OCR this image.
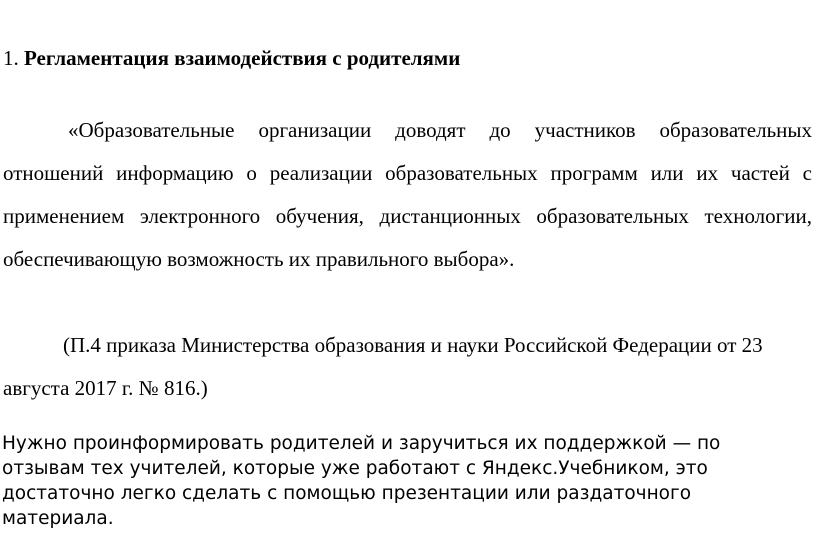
1. Регламентация взаимодействия с родителями

«Образовательные организации доводят до участников образовательных отношений информацию о реализации образовательных программ или их частей с применением электронного обучения, дистанционных образовательных технологии, обеспечивающую возможность их правильного выбора».

(П.4 приказа Министерства образования и науки Российской Федерации от 23 августа 2017 г. № 816.)

Нужно проинформировать родителей и заручиться их поддержкой — по отзывам тех учителей, которые уже работают с Яндекс.Учебником, это достаточно легко сделать с помощью презентации или раздаточного материала.
